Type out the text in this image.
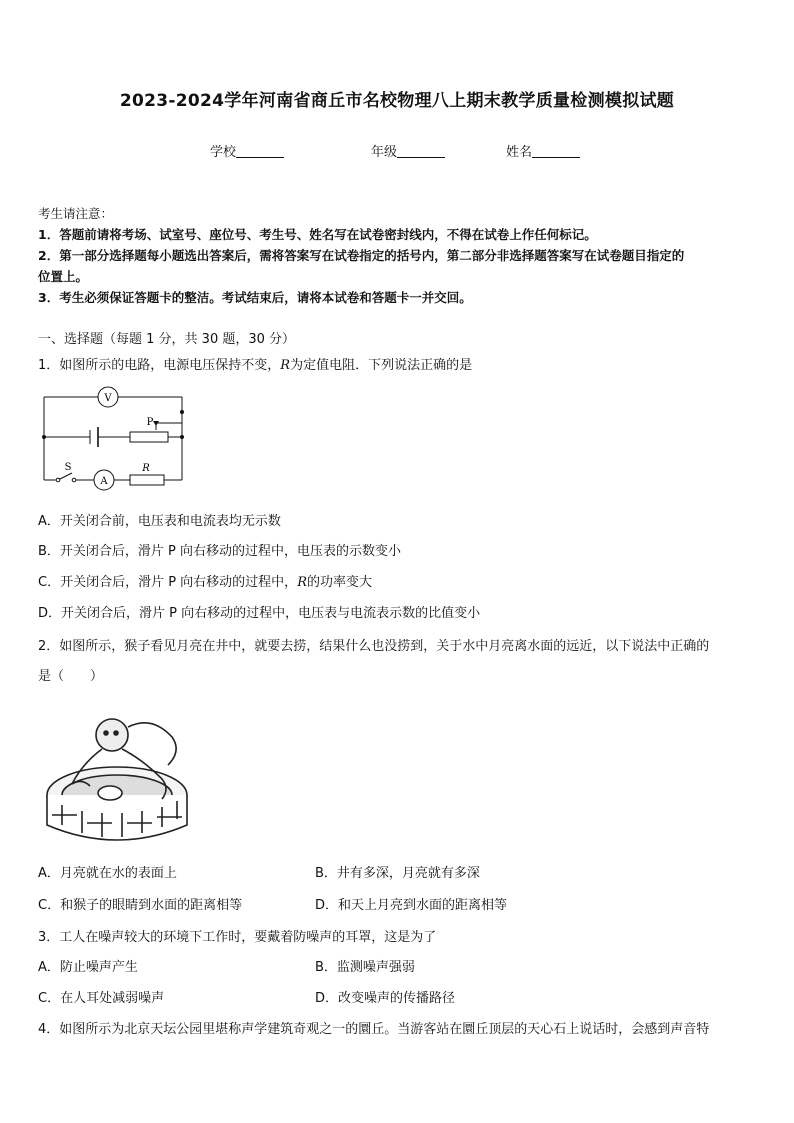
2023-2024学年河南省商丘市名校物理八上期末教学质量检测模拟试题
学校	年级	姓名
考生请注意：
1．答题前请将考场、试室号、座位号、考生号、姓名写在试卷密封线内，不得在试卷上作任何标记。
2．第一部分选择题每小题选出答案后，需将答案写在试卷指定的括号内，第二部分非选择题答案写在试卷题目指定的
位置上。
3．考生必须保证答题卡的整洁。考试结束后，请将本试卷和答题卡一并交回。
一、选择题（每题 1 分，共 30 题，30 分）
1．如图所示的电路，电源电压保持不变，R为定值电阻．下列说法正确的是
V
A
P
S	R
A．开关闭合前，电压表和电流表均无示数
B．开关闭合后，滑片 P 向右移动的过程中，电压表的示数变小
C．开关闭合后，滑片 P 向右移动的过程中，R的功率变大
D．开关闭合后，滑片 P 向右移动的过程中，电压表与电流表示数的比值变小
2．如图所示，猴子看见月亮在井中，就要去捞，结果什么也没捞到，关于水中月亮离水面的远近，以下说法中正确的
是（　　）
A．月亮就在水的表面上	B．井有多深，月亮就有多深
C．和猴子的眼睛到水面的距离相等	D．和天上月亮到水面的距离相等
3．工人在噪声较大的环境下工作时，要戴着防噪声的耳罩，这是为了
A．防止噪声产生	B．监测噪声强弱
C．在人耳处减弱噪声	D．改变噪声的传播路径
4．如图所示为北京天坛公园里堪称声学建筑奇观之一的圜丘。当游客站在圜丘顶层的天心石上说话时，会感到声音特
